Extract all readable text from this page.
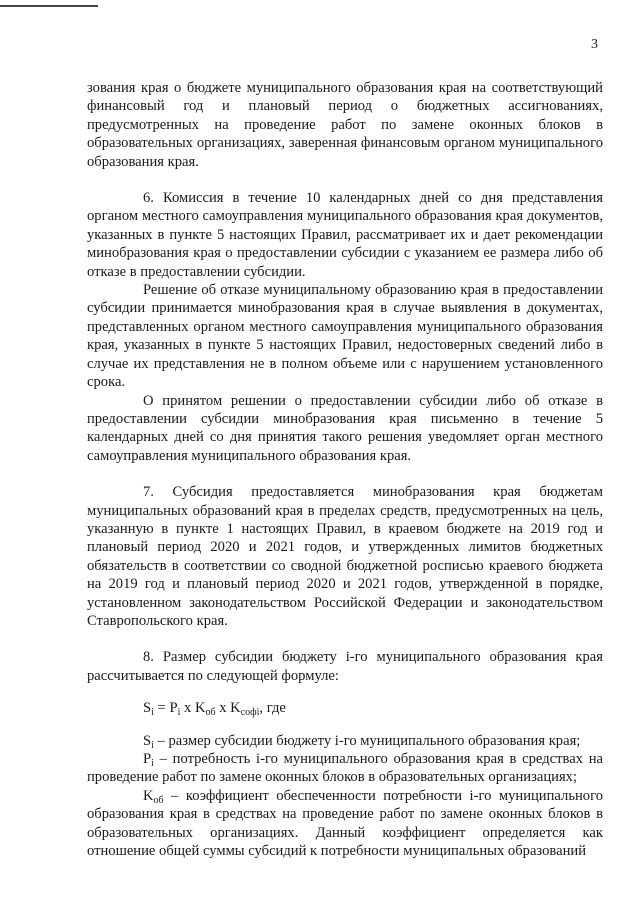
3

зования края о бюджете муниципального образования края на соответствующий финансовый год и плановый период о бюджетных ассигнованиях, предусмотренных на проведение работ по замене оконных блоков в образовательных организациях, заверенная финансовым органом муниципального образования края.

6. Комиссия в течение 10 календарных дней со дня представления органом местного самоуправления муниципального образования края документов, указанных в пункте 5 настоящих Правил, рассматривает их и дает рекомендации минобразования края о предоставлении субсидии с указанием ее размера либо об отказе в предоставлении субсидии.

Решение об отказе муниципальному образованию края в предоставлении субсидии принимается минобразования края в случае выявления в документах, представленных органом местного самоуправления муниципального образования края, указанных в пункте 5 настоящих Правил, недостоверных сведений либо в случае их представления не в полном объеме или с нарушением установленного срока.

О принятом решении о предоставлении субсидии либо об отказе в предоставлении субсидии минобразования края письменно в течение 5 календарных дней со дня принятия такого решения уведомляет орган местного самоуправления муниципального образования края.

7. Субсидия предоставляется минобразования края бюджетам муниципальных образований края в пределах средств, предусмотренных на цель, указанную в пункте 1 настоящих Правил, в краевом бюджете на 2019 год и плановый период 2020 и 2021 годов, и утвержденных лимитов бюджетных обязательств в соответствии со сводной бюджетной росписью краевого бюджета на 2019 год и плановый период 2020 и 2021 годов, утвержденной в порядке, установленном законодательством Российской Федерации и законодательством Ставропольского края.

8. Размер субсидии бюджету i-го муниципального образования края рассчитывается по следующей формуле:

$S_i = P_i$ x $K_{об}$ x $K_{софi}$, где

$S_i$ – размер субсидии бюджету i-го муниципального образования края;

$P_i$ – потребность i-го муниципального образования края в средствах на проведение работ по замене оконных блоков в образовательных организациях;

$K_{об}$ – коэффициент обеспеченности потребности i-го муниципального образования края в средствах на проведение работ по замене оконных блоков в образовательных организациях. Данный коэффициент определяется как отношение общей суммы субсидий к потребности муниципальных образований
